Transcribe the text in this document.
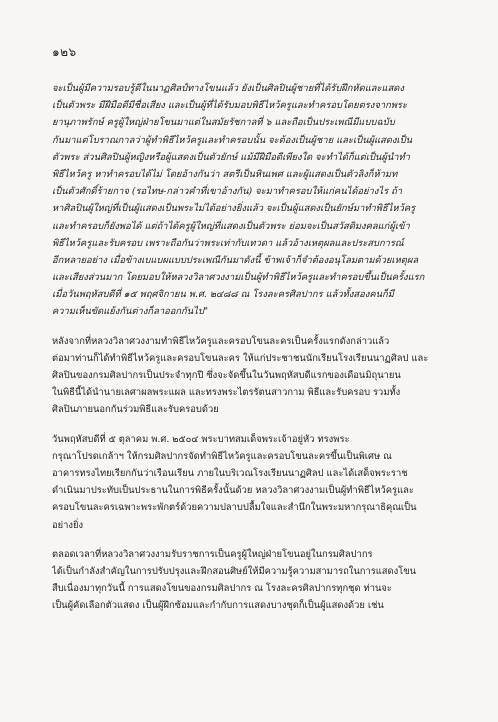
๑๒๖
จะเป็นผู้มีความรอบรู้ดีในนาฏศิลป์ทางโขนแล้ว ยังเป็นศิลปินผู้ชายที่ได้รับฝึกหัดและแสดง
เป็นตัวพระ มีฝีมือดีมีชื่อเสียง และเป็นผู้ที่ได้รับมอบพิธีไหว้ครูและทำครอบโดยตรงจากพระ
ยานุภาพรักษ์ ครูผู้ใหญ่ฝ่ายโขนมาแต่ในสมัยรัชกาลที่ ๖ และถือเป็นประเพณีมีแบบฉบับ
กันมาแต่โบราณกาลว่าผู้ทำพิธีไหว้ครูและทำครอบนั้น จะต้องเป็นผู้ชาย และเป็นผู้แสดงเป็น
ตัวพระ ส่วนศิลปินผู้หญิงหรือผู้แสดงเป็นตัวยักษ์ แม้มีฝีมือดีเพียงใด จะทำได้ก็แต่เป็นผู้นำทำ
พิธีไหว้ครู หาทำครอบได้ไม่ โดยอ้างกันว่า สตรีเป็นหินเพศ และผู้แสดงเป็นตัวลิงก็ห้ามท
เป็นตัวศักดิ์ร้ายกาจ (รอไทษ-กล่าวคำที่เขาอ้างกัน) จะมาทำครอบให้แก่คนได้อย่างไร ถ้า
หาศิลปินผู้ใหญ่ที่เป็นผู้แสดงเป็นพระไม่ได้อย่างยิ่งแล้ว จะเป็นผู้แสดงเป็นยักษ์มาทำพิธีไหว้ครู
และทำครอบก็ยังพอได้ แต่ถ้าได้ครูผู้ใหญ่ที่แสดงเป็นตัวพระ ย่อมจะเป็นสวัสดิมงคลแก่ผู้เข้า
พิธีไหว้ครูและรับครอบ เพราะถือกันว่าพระเท่ากับเทวดา แล้วอ้างเหตุผลและประสบการณ์
อีกหลายอย่าง เมื่อข้างเบแบผแบบประเพณีกันมาดังนี้ ข้าพเจ้าก็จำต้องอนุโลมตามด้วยเหตุผล
และเสียงส่วนมาก โดยมอบให้หลวงวิลาศวงงามเป็นผู้ทำพิธีไหว้ครูและทำครอบขึ้นเป็นครั้งแรก
เมื่อวันพฤหัสบดีที่ ๑๕ พฤศจิกายน พ.ศ. ๒๔๘๘ ณ โรงละครศิลปากร แล้วทั้งสองคนก็มี
ความเห็นขัดแย้งกันต่างก็ลาออกกันไป"
หลังจากที่หลวงวิลาศวงงามทำพิธีไหว้ครูและครอบโขนละครเป็นครั้งแรกดังกล่าวแล้ว
ต่อมาท่านก็ได้ทำพิธีไหว้ครูและครอบโขนละคร ให้แก่ประชาชนนักเรียนโรงเรียนนาฏศิลป และ
ศิลปินของกรมศิลปากรเป็นประจำทุกปี ซึ่งจะจัดขึ้นในวันพฤหัสบดีแรกของเดือนมิถุนายน
ในพิธีนี้ได้นำนายเลศาผลพระแผล และทรงพระไตรรัตนสาวกาม พิธีและรับครอบ รวมทั้ง
ศิลปินภายนอกกันร่วมพิธีและรับครอบด้วย
วันพฤหัสบดีที่ ๕ ตุลาคม พ.ศ. ๒๕๐๔ พระบาทสมเด็จพระเจ้าอยู่หัว ทรงพระ
กรุณาโปรดเกล้าฯ ให้กรมศิลปากรจัดทำพิธีไหว้ครูและครอบโขนละครขึ้นเป็นพิเศษ ณ
อาคารทรงไทยเรียกกันว่าเรือนเรียน ภายในบริเวณโรงเรียนนาฏศิลป และได้เสด็จพระราช
ดำเนินมาประทับเป็นประธานในการพิธีครั้งนั้นด้วย หลวงวิลาศวงงามเป็นผู้ทำพิธีไหว้ครูและ
ครอบโขนละครเฉพาะพระพักตร์ด้วยความปลาบปลื้มใจและสำนึกในพระมหากรุณาธิคุณเป็น
อย่างยิ่ง
ตลอดเวลาที่หลวงวิลาศวงงามรับราชการเป็นครูผู้ใหญ่ฝ่ายโขนอยู่ในกรมศิลปากร
ได้เป็นกำลังสำคัญในการปรับปรุงและฝึกสอนศิษย์ให้มีความรู้ความสามารถในการแสดงโขน
สืบเนื่องมาทุกวันนี้ การแสดงโขนของกรมศิลปากร ณ โรงละครศิลปากรทุกชุด ท่านจะ
เป็นผู้คัดเลือกตัวแสดง เป็นผู้ฝึกซ้อมและกำกับการแสดงบางชุดก็เป็นผู้แสดงด้วย เช่น
